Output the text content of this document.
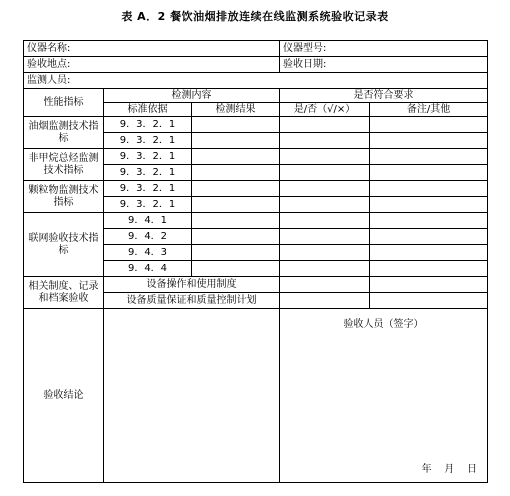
表 A．2 餐饮油烟排放连续在线监测系统验收记录表
仪器名称:			仪器型号:	
验收地点:			验收日期:	
监测人员:				
性能指标	检测内容		是否符合要求	
	标准依据	检测结果	是/否（√/×）	备注/其他
油烟监测技术指标	9．3．2．1			
	9．3．2．1			
非甲烷总烃监测技术指标	9．3．2．1			
	9．3．2．1			
颗粒物监测技术指标	9．3．2．1			
	9．3．2．1			
联网验收技术指标	9．4．1			
	9．4．2			
	9．4．3			
	9．4．4			
相关制度、记录和档案验收	设备操作和使用制度			
	设备质量保证和质量控制计划			
验收结论			验收人员（签字）
年    月    日	
